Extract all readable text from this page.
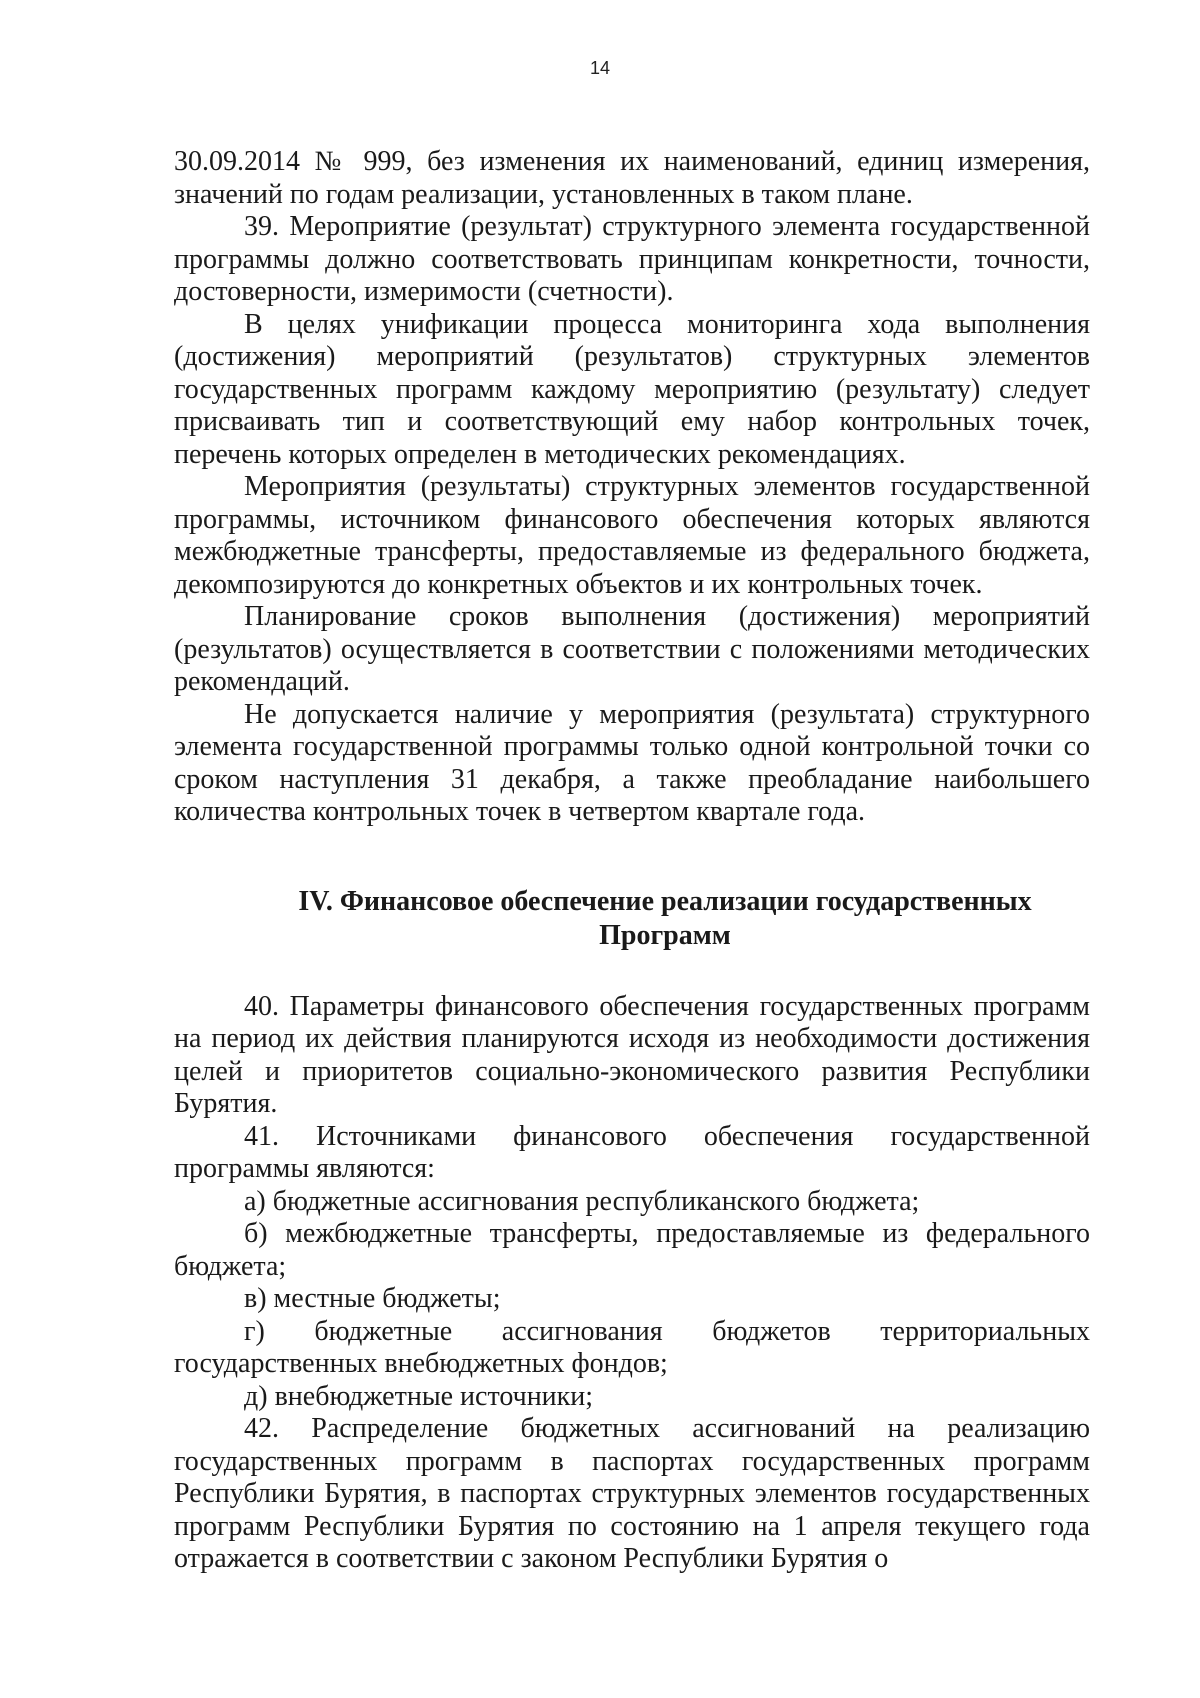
14

30.09.2014 № 999, без изменения их наименований, единиц измерения, значений по годам реализации, установленных в таком плане.

39. Мероприятие (результат) структурного элемента государственной программы должно соответствовать принципам конкретности, точности, достоверности, измеримости (счетности).

В целях унификации процесса мониторинга хода выполнения (достижения) мероприятий (результатов) структурных элементов государственных программ каждому мероприятию (результату) следует присваивать тип и соответствующий ему набор контрольных точек, перечень которых определен в методических рекомендациях.

Мероприятия (результаты) структурных элементов государственной программы, источником финансового обеспечения которых являются межбюджетные трансферты, предоставляемые из федерального бюджета, декомпозируются до конкретных объектов и их контрольных точек.

Планирование сроков выполнения (достижения) мероприятий (результатов) осуществляется в соответствии с положениями методических рекомендаций.

Не допускается наличие у мероприятия (результата) структурного элемента государственной программы только одной контрольной точки со сроком наступления 31 декабря, а также преобладание наибольшего количества контрольных точек в четвертом квартале года.

IV. Финансовое обеспечение реализации государственных
Программ

40. Параметры финансового обеспечения государственных программ на период их действия планируются исходя из необходимости достижения целей и приоритетов социально-экономического развития Республики Бурятия.

41. Источниками финансового обеспечения государственной программы являются:

а) бюджетные ассигнования республиканского бюджета;

б) межбюджетные трансферты, предоставляемые из федерального бюджета;

в) местные бюджеты;

г) бюджетные ассигнования бюджетов территориальных государственных внебюджетных фондов;

д) внебюджетные источники;

42. Распределение бюджетных ассигнований на реализацию государственных программ в паспортах государственных программ Республики Бурятия, в паспортах структурных элементов государственных программ Республики Бурятия по состоянию на 1 апреля текущего года отражается в соответствии с законом Республики Бурятия о
